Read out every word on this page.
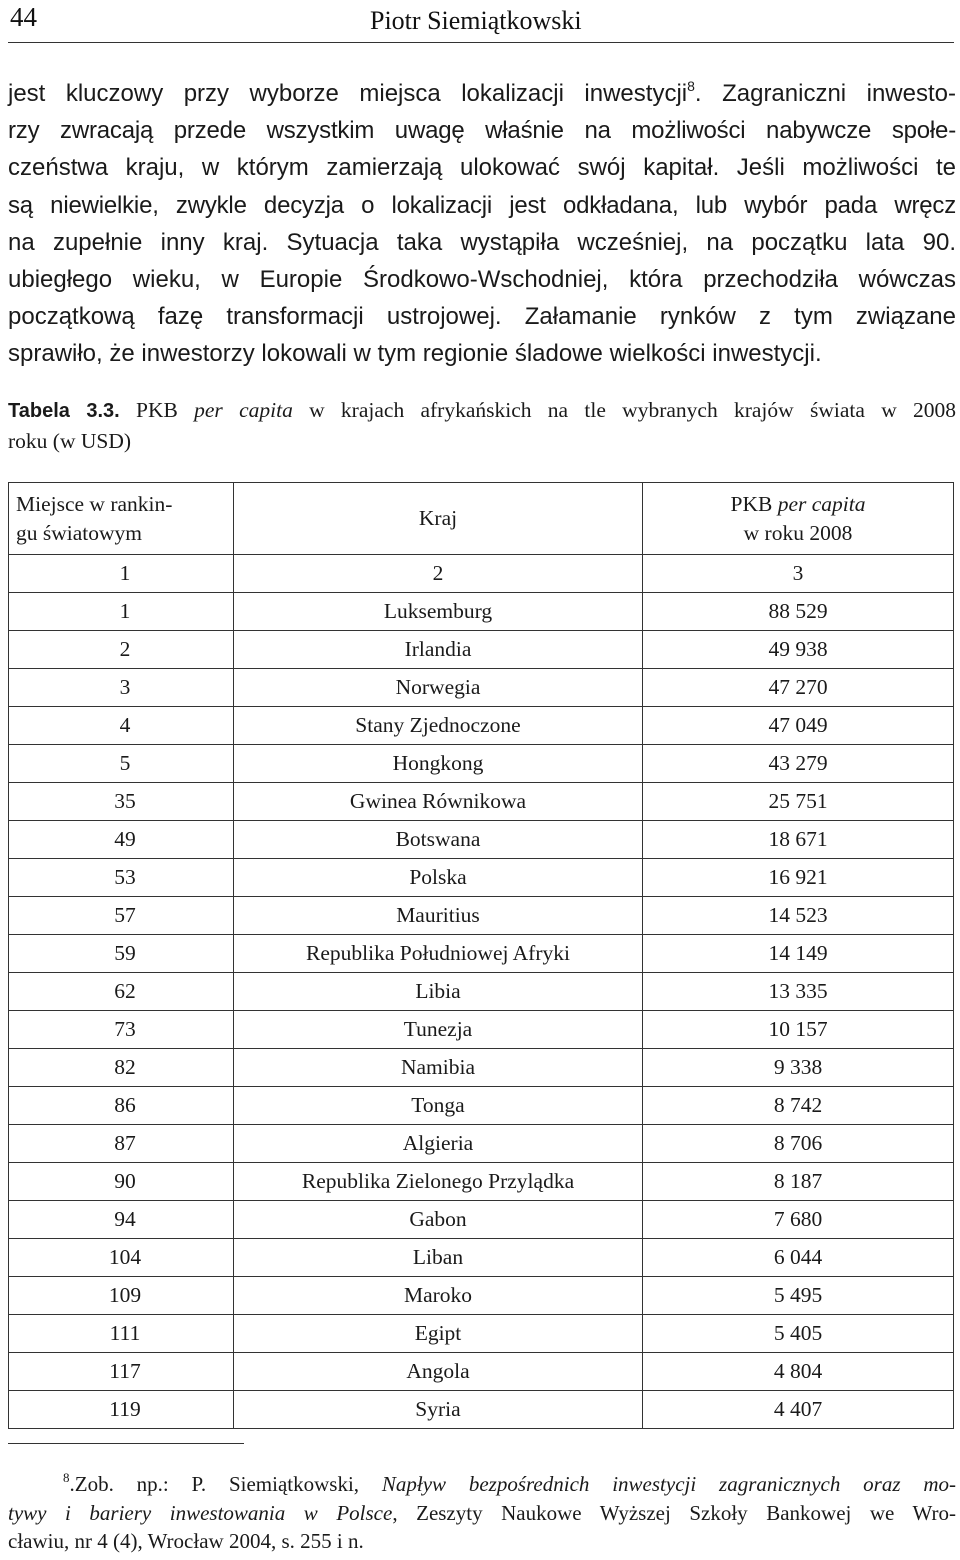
44	Piotr Siemiątkowski
jest kluczowy przy wyborze miejsca lokalizacji inwestycji$^8$. Zagraniczni inwesto-
rzy zwracają przede wszystkim uwagę właśnie na możliwości nabywcze społe-
czeństwa kraju, w którym zamierzają ulokować swój kapitał. Jeśli możliwości te
są niewielkie, zwykle decyzja o lokalizacji jest odkładana, lub wybór pada wręcz
na zupełnie inny kraj. Sytuacja taka wystąpiła wcześniej, na początku lata 90.
ubiegłego wieku, w Europie Środkowo-Wschodniej, która przechodziła wówczas
początkową fazę transformacji ustrojowej. Załamanie rynków z tym związane
sprawiło, że inwestorzy lokowali w tym regionie śladowe wielkości inwestycji.
Tabela 3.3. PKB per capita w krajach afrykańskich na tle wybranych krajów świata w 2008
roku (w USD)
Miejsce w rankin-
gu światowym	Kraj	PKB per capita
w roku 2008
1	2	3
1	Luksemburg	88 529
2	Irlandia	49 938
3	Norwegia	47 270
4	Stany Zjednoczone	47 049
5	Hongkong	43 279
35	Gwinea Równikowa	25 751
49	Botswana	18 671
53	Polska	16 921
57	Mauritius	14 523
59	Republika Południowej Afryki	14 149
62	Libia	13 335
73	Tunezja	10 157
82	Namibia	9 338
86	Tonga	8 742
87	Algieria	8 706
90	Republika Zielonego Przylądka	8 187
94	Gabon	7 680
104	Liban	6 044
109	Maroko	5 495
111	Egipt	5 405
117	Angola	4 804
119	Syria	4 407
$^8$.Zob. np.: P. Siemiątkowski, Napływ bezpośrednich inwestycji zagranicznych oraz mo-
tywy i bariery inwestowania w Polsce, Zeszyty Naukowe Wyższej Szkoły Bankowej we Wro-
cławiu, nr 4 (4), Wrocław 2004, s. 255 i n.
